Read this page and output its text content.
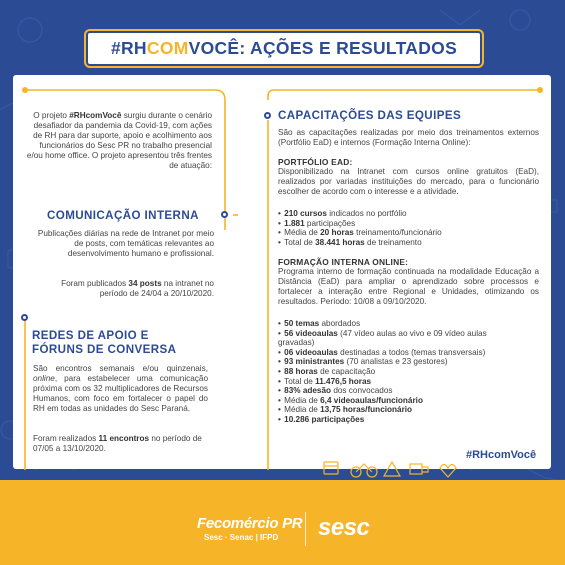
#RH COM VOCÊ: AÇÕES E RESULTADOS

O projeto #RHcomVocê surgiu durante o cenário desafiador da pandemia da Covid-19, com ações de RH para dar suporte, apoio e acolhimento aos funcionários do Sesc PR no trabalho presencial e/ou home office. O projeto apresentou três frentes de atuação:

COMUNICAÇÃO INTERNA

Publicações diárias na rede de Intranet por meio de posts, com temáticas relevantes ao desenvolvimento humano e profissional.

Foram publicados 34 posts na intranet no período de 24/04 a 20/10/2020.

REDES DE APOIO E
FÓRUNS DE CONVERSA

São encontros semanais e/ou quinzenais, online, para estabelecer uma comunicação próxima com os 32 multiplicadores de Recursos Humanos, com foco em fortalecer o papel do RH em todas as unidades do Sesc Paraná.

Foram realizados 11 encontros no período de 07/05 a 13/10/2020.

CAPACITAÇÕES DAS EQUIPES

São as capacitações realizadas por meio dos treinamentos externos (Portfólio EaD) e internos (Formação Interna Online):

PORTFÓLIO EAD:

Disponibilizado na Intranet com cursos online gratuitos (EaD), realizados por variadas instituições do mercado, para o funcionário escolher de acordo com o interesse e a atividade.

• 210 cursos indicados no portfólio
• 1.881 participações
• Média de 20 horas treinamento/funcionário
• Total de 38.441 horas de treinamento
FORMAÇÃO INTERNA ONLINE:

Programa interno de formação continuada na modalidade Educação a Distância (EaD) para ampliar o aprendizado sobre processos e fortalecer a interação entre Regional e Unidades, otimizando os resultados. Período: 10/08 a 09/10/2020.

• 50 temas abordados
• 56 videoaulas (47 vídeo aulas ao vivo e 09 vídeo aulas
gravadas)
• 06 videoaulas destinadas a todos (temas transversais)
• 93 ministrantes (70 analistas e 23 gestores)
• 88 horas de capacitação
• Total de 11.476,5 horas
• 83% adesão dos convocados
• Média de 6,4 videoaulas/funcionário
• Média de 13,75 horas/funcionário
• 10.286 participações
#RHcomVocê
Fecomércio PR
Sesc · Senac | IFPD sesc
